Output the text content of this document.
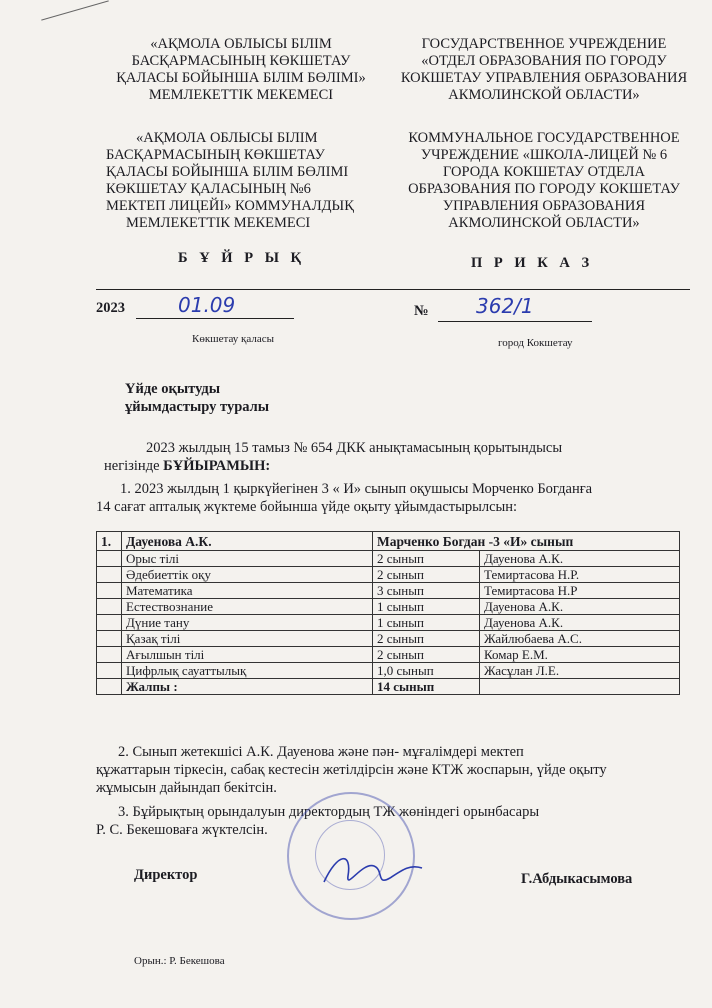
«АҚМОЛА ОБЛЫСЫ БІЛІМ
БАСҚАРМАСЫНЫҢ КӨКШЕТАУ
ҚАЛАСЫ БОЙЫНША БІЛІМ БӨЛІМІ»
МЕМЛЕКЕТТІК МЕКЕМЕСІ
ГОСУДАРСТВЕННОЕ УЧРЕЖДЕНИЕ
«ОТДЕЛ ОБРАЗОВАНИЯ ПО ГОРОДУ
КОКШЕТАУ УПРАВЛЕНИЯ ОБРАЗОВАНИЯ
АКМОЛИНСКОЙ ОБЛАСТИ»
«АҚМОЛА ОБЛЫСЫ БІЛІМ
БАСҚАРМАСЫНЫҢ КӨКШЕТАУ
ҚАЛАСЫ БОЙЫНША БІЛІМ БӨЛІМІ
КӨКШЕТАУ ҚАЛАСЫНЫҢ №6
МЕКТЕП ЛИЦЕЙІ» КОММУНАЛДЫҚ
МЕМЛЕКЕТТІК МЕКЕМЕСІ
КОММУНАЛЬНОЕ ГОСУДАРСТВЕННОЕ
УЧРЕЖДЕНИЕ «ШКОЛА-ЛИЦЕЙ № 6
ГОРОДА КОКШЕТАУ ОТДЕЛА
ОБРАЗОВАНИЯ ПО ГОРОДУ КОКШЕТАУ
УПРАВЛЕНИЯ ОБРАЗОВАНИЯ
АКМОЛИНСКОЙ ОБЛАСТИ»
Б Ұ Й Р Ы Қ	П Р И К А З
2023	01.09	№ 362/1
Көкшетау қаласы	город Кокшетау
Үйде оқытуды
ұйымдастыру туралы
2023 жылдың 15 тамыз № 654 ДКК анықтамасының қорытындысы
негізінде БҰЙЫРАМЫН:
1. 2023 жылдың 1 қыркүйегінен 3 « И» сынып оқушысы Морченко Богданға
14 сағат апталық жүктеме бойынша үйде оқыту ұйымдастырылсын:
1.	Дауенова А.К.	Марченко Богдан -3 «И» сынып	
	Орыс тілі	2 сынып	Дауенова А.К.
	Әдебиеттік оқу	2 сынып	Темиртасова Н.Р.
	Математика	3 сынып	Темиртасова Н.Р
	Естествознание	1 сынып	Дауенова А.К.
	Дүние тану	1 сынып	Дауенова А.К.
	Қазақ тілі	2 сынып	Жайлюбаева А.С.
	Ағылшын тілі	2 сынып	Комар Е.М.
	Цифрлық сауаттылық	1,0 сынып	Жасұлан Л.Е.
	Жалпы :	14 сынып	
2. Сынып жетекшісі А.К. Дауенова және пән- мұғалімдері мектеп
құжаттарын тіркесін, сабақ кестесін жетілдірсін және КТЖ жоспарын, үйде оқыту
жұмысын дайындап бекітсін.
3. Бұйрықтың орындалуын директордың ТЖ жөніндегі орынбасары
Р. С. Бекешоваға жүктелсін.
Директор	Г.Абдыкасымова
Орын.: Р. Бекешова
